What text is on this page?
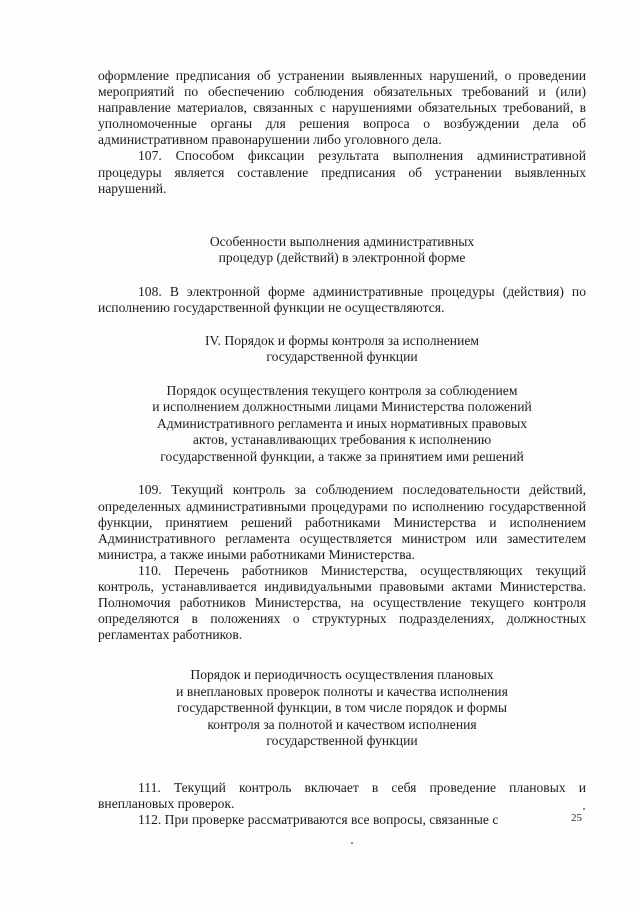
оформление предписания об устранении выявленных нарушений, о проведении мероприятий по обеспечению соблюдения обязательных требований и (или) направление материалов, связанных с нарушениями обязательных требований, в уполномоченные органы для решения вопроса о возбуждении дела об административном правонарушении либо уголовного дела.

107. Способом фиксации результата выполнения административной процедуры является составление предписания об устранении выявленных нарушений.

Особенности выполнения административных

процедур (действий) в электронной форме

108. В электронной форме административные процедуры (действия) по исполнению государственной функции не осуществляются.

IV. Порядок и формы контроля за исполнением

государственной функции

Порядок осуществления текущего контроля за соблюдением

и исполнением должностными лицами Министерства положений

Административного регламента и иных нормативных правовых

актов, устанавливающих требования к исполнению

государственной функции, а также за принятием ими решений

109. Текущий контроль за соблюдением последовательности действий, определенных административными процедурами по исполнению государственной функции, принятием решений работниками Министерства и исполнением Административного регламента осуществляется министром или заместителем министра, а также иными работниками Министерства.

110. Перечень работников Министерства, осуществляющих текущий контроль, устанавливается индивидуальными правовыми актами Министерства. Полномочия работников Министерства, на осуществление текущего контроля определяются в положениях о структурных подразделениях, должностных регламентах работников.

Порядок и периодичность осуществления плановых

и внеплановых проверок полноты и качества исполнения

государственной функции, в том числе порядок и формы

контроля за полнотой и качеством исполнения

государственной функции

111. Текущий контроль включает в себя проведение плановых и внеплановых проверок.

112. При проверке рассматриваются все вопросы, связанные с	25
